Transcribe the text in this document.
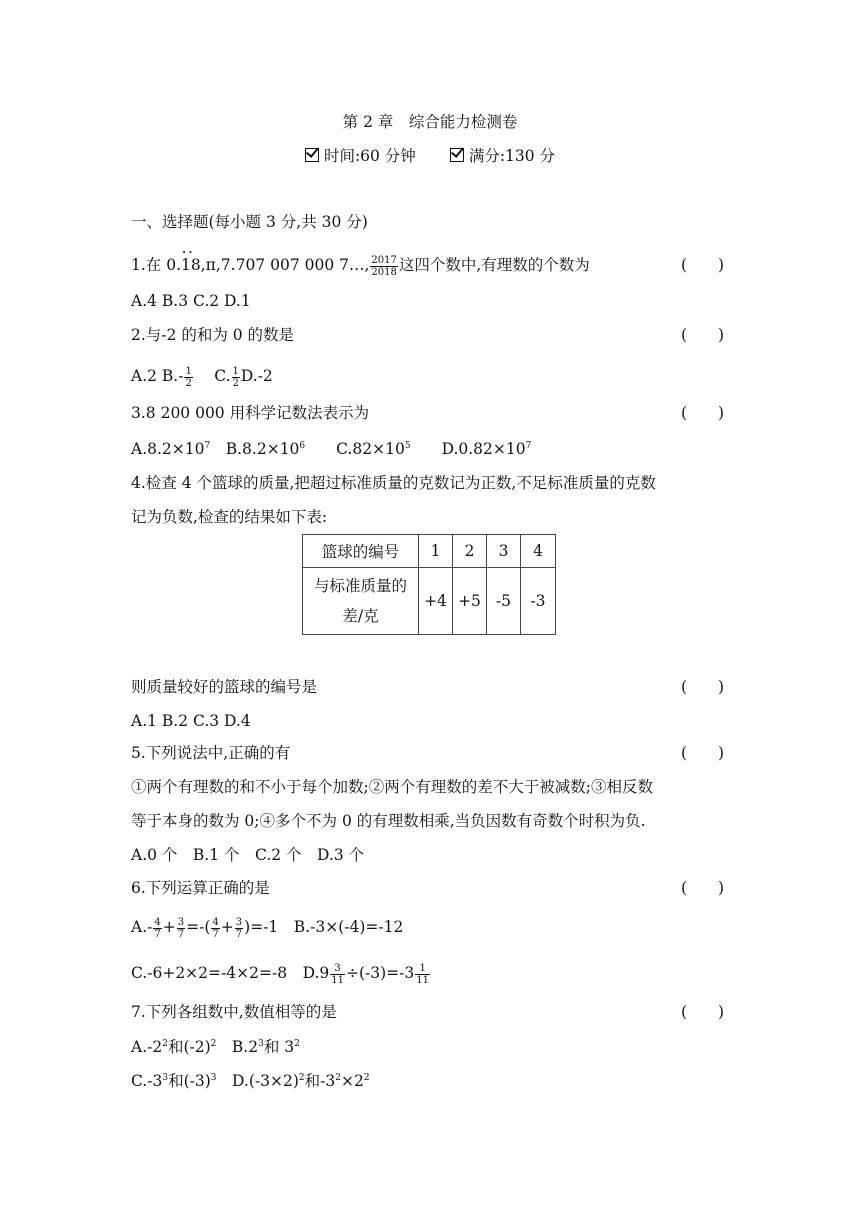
第 2 章　综合能力检测卷
时间:60 分钟	满分:130 分
一、选择题(每小题 3 分,共 30 分)
1.在 0.• • 18,π,7.707 007 000 7…, $\frac{2017}{2018}$ 这四个数中,有理数的个数为	(　　)
A.4 B.3 C.2 D.1
2.与-2 的和为 0 的数是	(　　)
A.2 $B.- \frac{1}{2}$ 　 C. $\frac{1}{2} D.-2$
3.8 200 000 用科学记数法表示为	(　　)
$A.8.2\times 10^7$　 $B.8.2\times 10^6$　　 $C.82\times 10^5$　　 $D.0.82\times 10^7$
4.检查 4 个篮球的质量,把超过标准质量的克数记为正数,不足标准质量的克数
记为负数,检查的结果如下表:
篮球的编号	1	2	3	4
与标准质量的
差/克	+4	+5	-5	-3
则质量较好的篮球的编号是	(　　)
A.1 B.2 C.3 D.4
5.下列说法中,正确的有	(　　)
①两个有理数的和不小于每个加数;②两个有理数的差不大于被减数;③相反数
等于本身的数为 0;④多个不为 0 的有理数相乘,当负因数有奇数个时积为负.
A.0 个　B.1 个　C.2 个　D.3 个
6.下列运算正确的是	(　　)
$A.- \frac{4}{7} + \frac{3}{7}$ =-( $\frac{4}{7} + \frac{3}{7} )=-1$　 B.-3×(-4)=-12
C.-6+2×2=-4×2=-8　 $D.9 \frac{3}{11} \div(-3)=-3 \frac{1}{11}$
7.下列各组数中,数值相等的是	(　　)
$A.-2^2$和$(-2)^2$　 $B.2^3$和 $3^2$
$C.-3^3$和$(-3)^3$　 $D.(-3\times 2)^2$和$-3^2\times 2^2$
